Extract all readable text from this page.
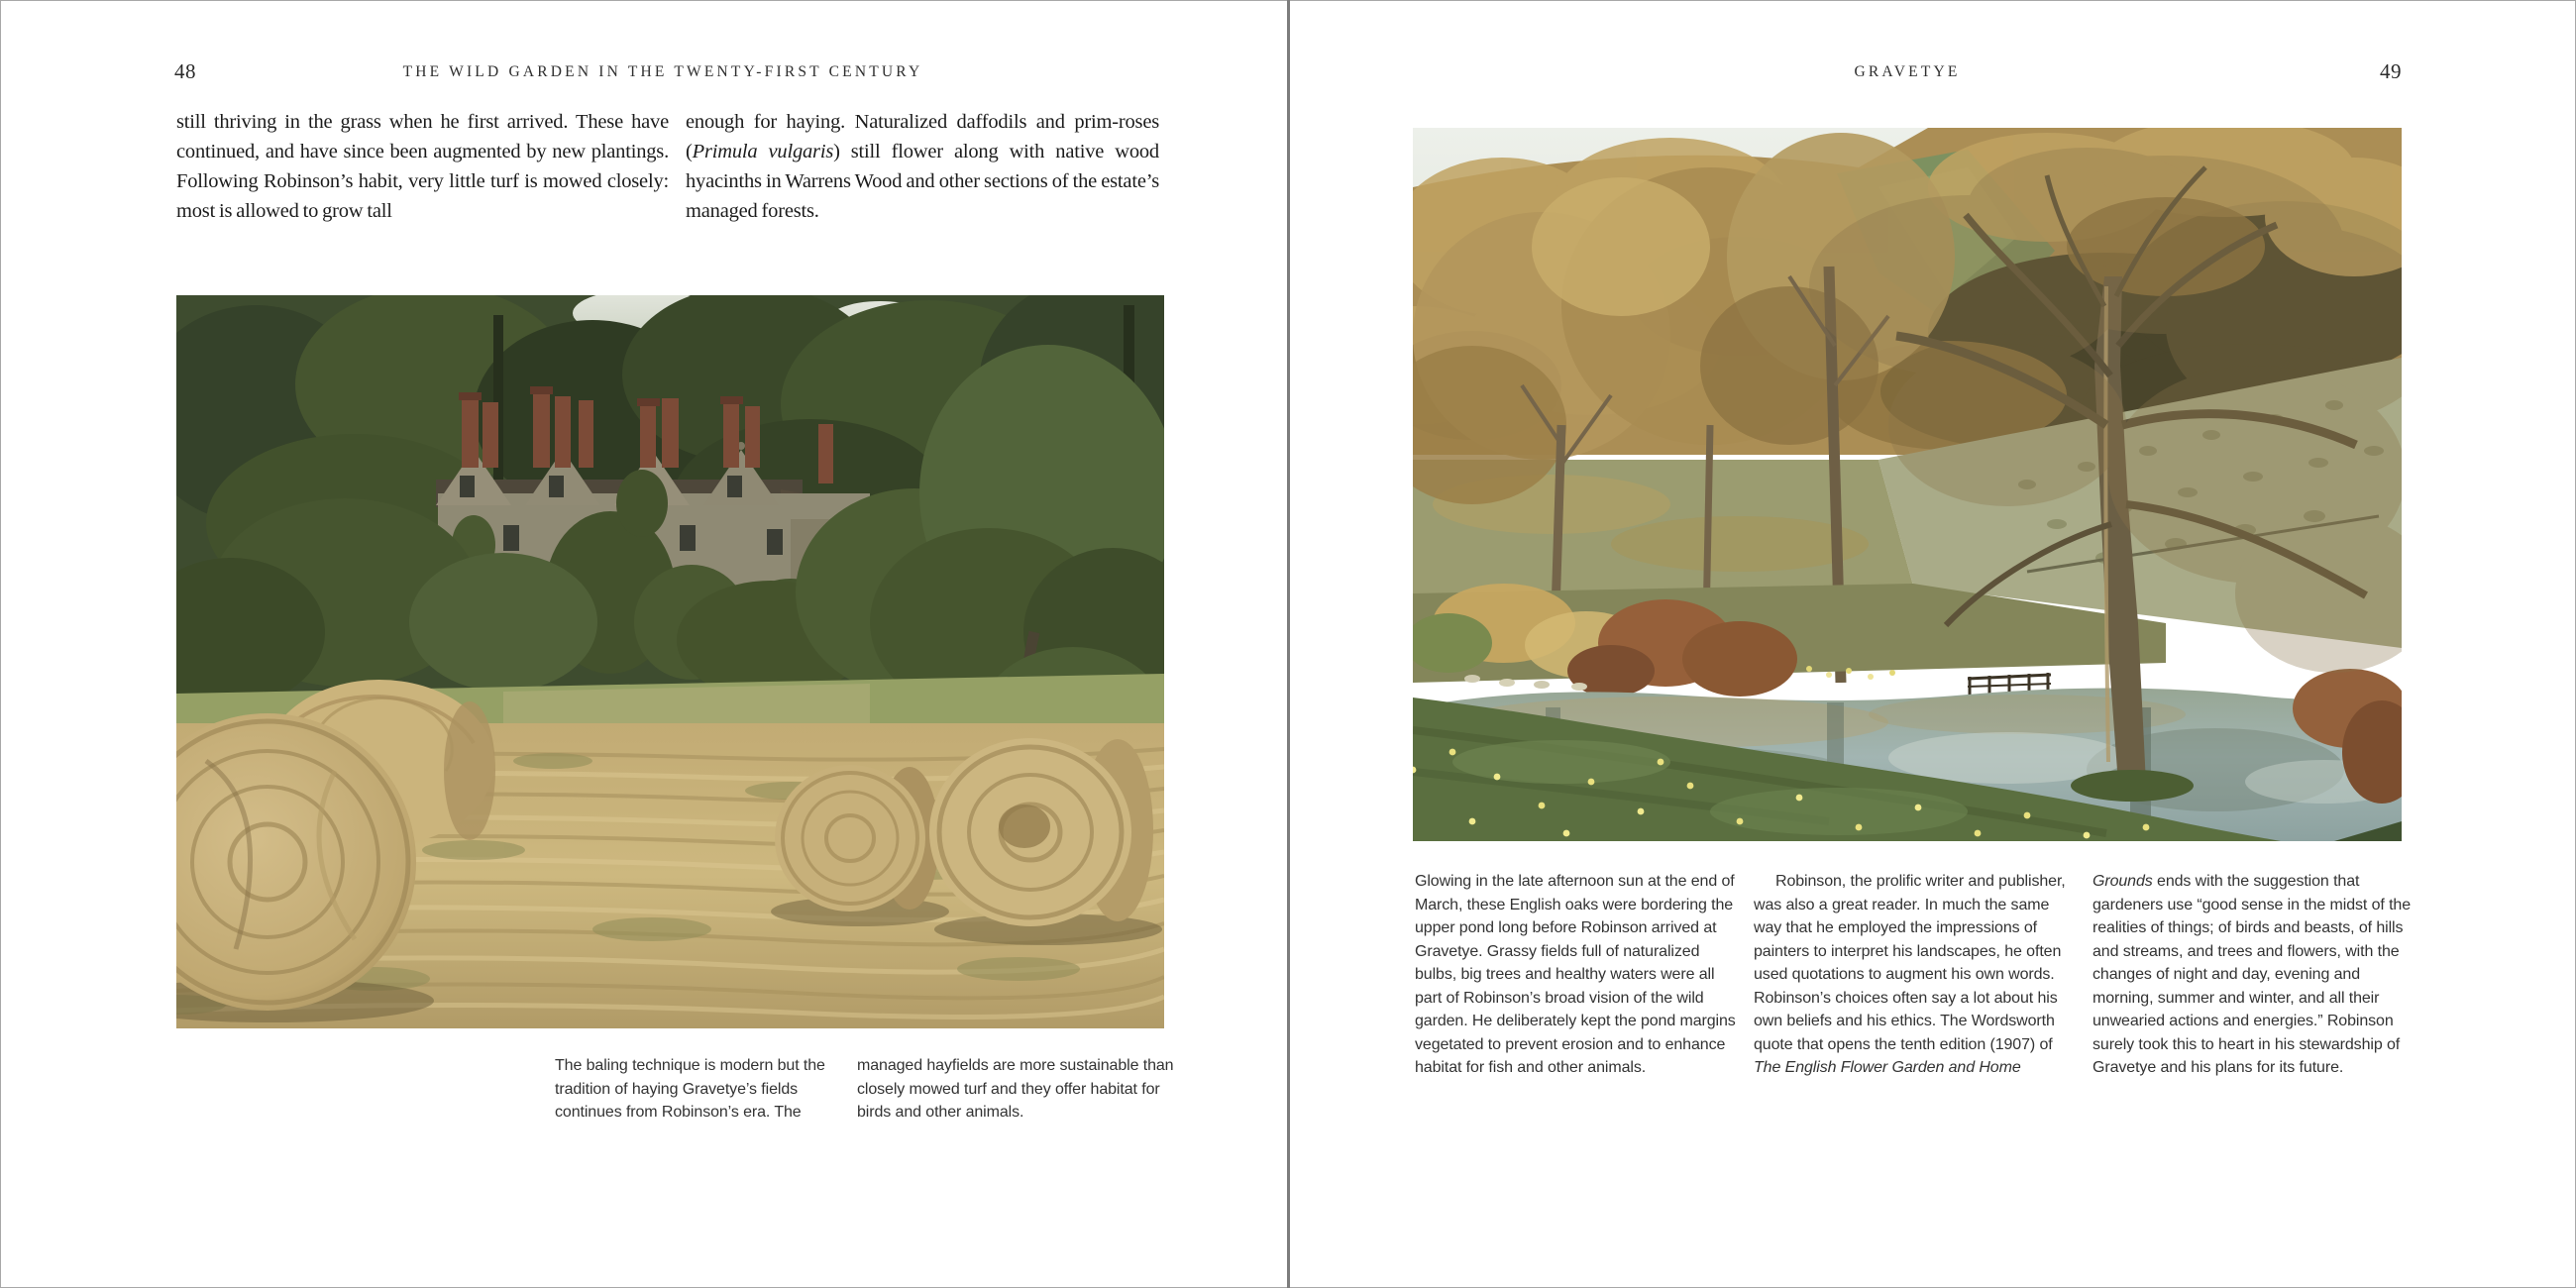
48	THE WILD GARDEN IN THE TWENTY-FIRST CENTURY
still thriving in the grass when he first arrived. These have continued, and have since been augmented by new plantings. Following Robinson’s habit, very little turf is mowed closely: most is allowed to grow tall
enough for haying. Naturalized daffodils and prim-roses (Primula vulgaris) still flower along with native wood hyacinths in Warrens Wood and other sections of the estate’s managed forests.

The baling technique is modern but the tradition of haying Gravetye’s fields continues from Robinson’s era. The

managed hayfields are more sustainable than closely mowed turf and they offer habitat for birds and other animals.

GRAVETYE	49

Glowing in the late afternoon sun at the end of March, these English oaks were bordering the upper pond long before Robinson arrived at Gravetye. Grassy fields full of naturalized bulbs, big trees and healthy waters were all part of Robinson’s broad vision of the wild garden. He deliberately kept the pond margins vegetated to prevent erosion and to enhance habitat for fish and other animals.

Robinson, the prolific writer and publisher, was also a great reader. In much the same way that he employed the impressions of painters to interpret his landscapes, he often used quotations to augment his own words. Robinson’s choices often say a lot about his own beliefs and his ethics. The Wordsworth quote that opens the tenth edition (1907) of The English Flower Garden and Home

Grounds ends with the suggestion that gardeners use “good sense in the midst of the realities of things; of birds and beasts, of hills and streams, and trees and flowers, with the changes of night and day, evening and morning, summer and winter, and all their unwearied actions and energies.” Robinson surely took this to heart in his stewardship of Gravetye and his plans for its future.
